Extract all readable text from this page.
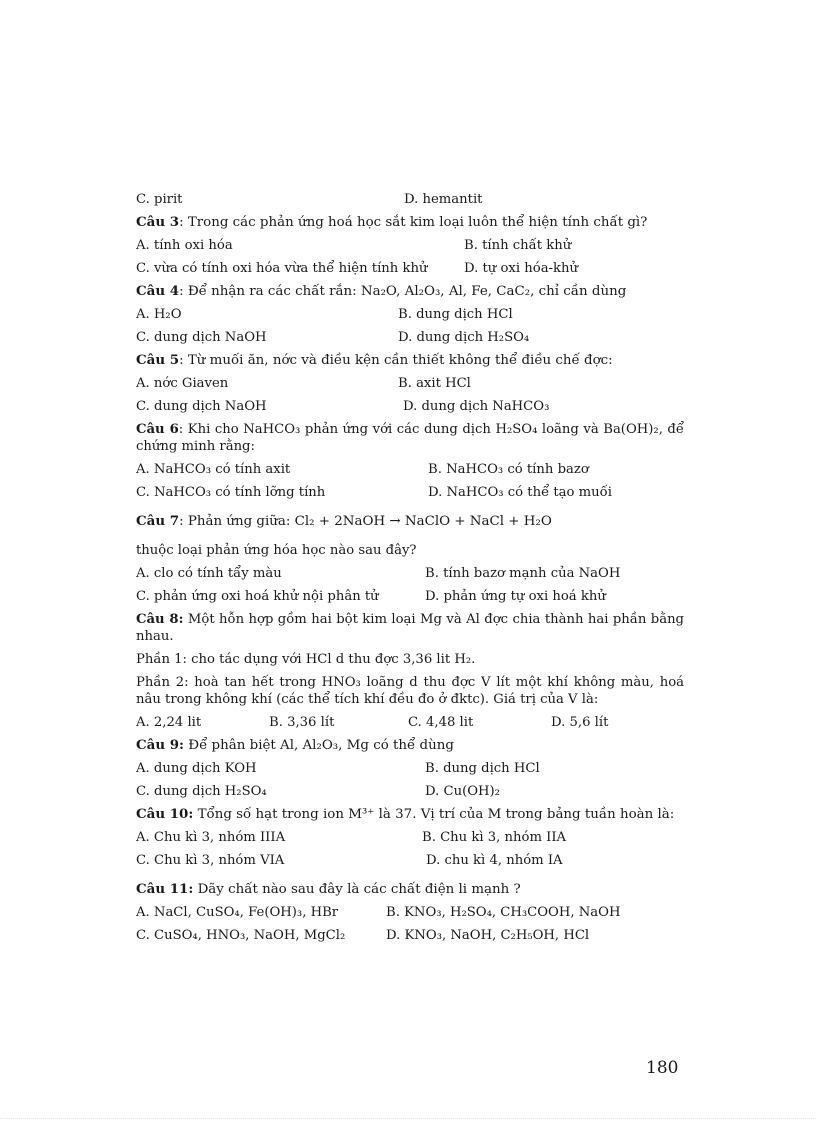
C. pirit	D. hemantit
Câu 3: Trong các phản ứng hoá học sắt kim loại luôn thể hiện tính chất gì?
A. tính oxi hóa	B. tính chất khử
C. vừa có tính oxi hóa vừa thể hiện tính khử	D. tự oxi hóa-khử
Câu 4: Để nhận ra các chất rắn: Na₂O, Al₂O₃, Al, Fe, CaC₂, chỉ cần dùng
A. H₂O	B. dung dịch HCl
C. dung dịch NaOH	D. dung dịch H₂SO₄
Câu 5: Từ muối ăn, nớc và điều kện cần thiết không thể điều chế đợc:
A. nớc Giaven	B. axit HCl
C. dung dịch NaOH	D. dung dịch NaHCO₃
Câu 6: Khi cho NaHCO₃ phản ứng với các dung dịch H₂SO₄ loãng và Ba(OH)₂, để chứng minh rằng:
A. NaHCO₃ có tính axit	B. NaHCO₃ có tính bazơ
C. NaHCO₃ có tính lỡng tính	D. NaHCO₃ có thể tạo muối
Câu 7: Phản ứng giữa: Cl₂ + 2NaOH → NaClO + NaCl + H₂O
thuộc loại phản ứng hóa học nào sau đây?
A. clo có tính tẩy màu	B. tính bazơ mạnh của NaOH
C. phản ứng oxi hoá khử nội phân tử	D. phản ứng tự oxi hoá khử
Câu 8: Một hỗn hợp gồm hai bột kim loại Mg và Al đợc chia thành hai phần bằng nhau.
Phần 1: cho tác dụng với HCl d thu đợc 3,36 lit H₂.
Phần 2: hoà tan hết trong HNO₃ loãng d thu đợc V lít một khí không màu, hoá nâu trong không khí (các thể tích khí đều đo ở đktc). Giá trị của V là:
A. 2,24 lit	B. 3,36 lít	C. 4,48 lit	D. 5,6 lít
Câu 9: Để phân biệt Al, Al₂O₃, Mg có thể dùng
A. dung dịch KOH	B. dung dịch HCl
C. dung dịch H₂SO₄	D. Cu(OH)₂
Câu 10: Tổng số hạt trong ion M³⁺ là 37. Vị trí của M trong bảng tuần hoàn là:
A. Chu kì 3, nhóm IIIA	B. Chu kì 3, nhóm IIA
C. Chu kì 3, nhóm VIA	D. chu kì 4, nhóm IA
Câu 11: Dãy chất nào sau đây là các chất điện li mạnh ?
A. NaCl, CuSO₄, Fe(OH)₃, HBr	B. KNO₃, H₂SO₄, CH₃COOH, NaOH
C. CuSO₄, HNO₃, NaOH, MgCl₂	D. KNO₃, NaOH, C₂H₅OH, HCl
180
